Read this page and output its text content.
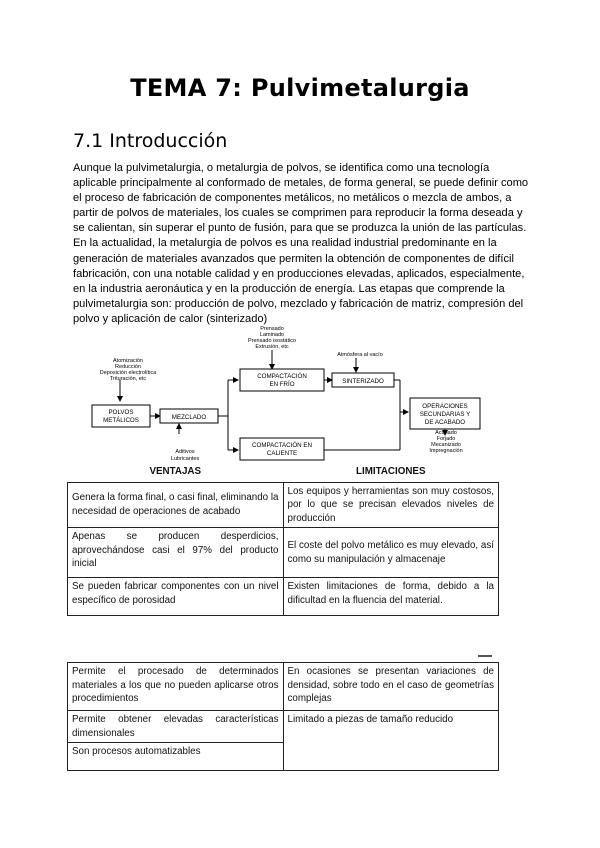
TEMA 7: Pulvimetalurgia
7.1 Introducción
Aunque la pulvimetalurgia, o metalurgia de polvos, se identifica como una tecnología
aplicable principalmente al conformado de metales, de forma general, se puede definir como
el proceso de fabricación de componentes metálicos, no metálicos o mezcla de ambos, a
partir de polvos de materiales, los cuales se comprimen para reproducir la forma deseada y
se calientan, sin superar el punto de fusión, para que se produzca la unión de las partículas.
En la actualidad, la metalurgia de polvos es una realidad industrial predominante en la
generación de materiales avanzados que permiten la obtención de componentes de difícil
fabricación, con una notable calidad y en producciones elevadas, aplicados, especialmente,
en la industria aeronáutica y en la producción de energía. Las etapas que comprende la
pulvimetalurgia son: producción de polvo, mezclado y fabricación de matriz, compresión del
polvo y aplicación de calor (sinterizado)
Atomización
Reducción
Deposición electrolítica
Trituración, etc
POLVOS
METÁLICOS	MEZCLADO
Aditivos
Lubricantes
Prensado
Laminado
Prensado isostático
Extrusión, etc
COMPACTACIÓN
EN FRÍO
Atmósfera al vacío
SINTERIZADO
COMPACTACIÓN EN
CALIENTE
OPERACIONES
SECUNDARIAS Y
DE ACABADO
Acuñado
Forjado
Mecanizado
Impregnación
VENTAJAS	LIMITACIONES
Genera la forma final, o casi final, eliminando la necesidad de operaciones de acabado	Los equipos y herramientas son muy costosos, por lo que se precisan elevados niveles de producción
Apenas se producen desperdicios, aprovechándose casi el 97% del producto inicial	El coste del polvo metálico es muy elevado, así como su manipulación y almacenaje
Se pueden fabricar componentes con un nivel específico de porosidad	Existen limitaciones de forma, debido a la dificultad en la fluencia del material.
Permite el procesado de determinados materiales a los que no pueden aplicarse otros procedimientos	En ocasiones se presentan variaciones de densidad, sobre todo en el caso de geometrías complejas
Permite obtener elevadas características dimensionales	Limitado a piezas de tamaño reducido
Son procesos automatizables	
